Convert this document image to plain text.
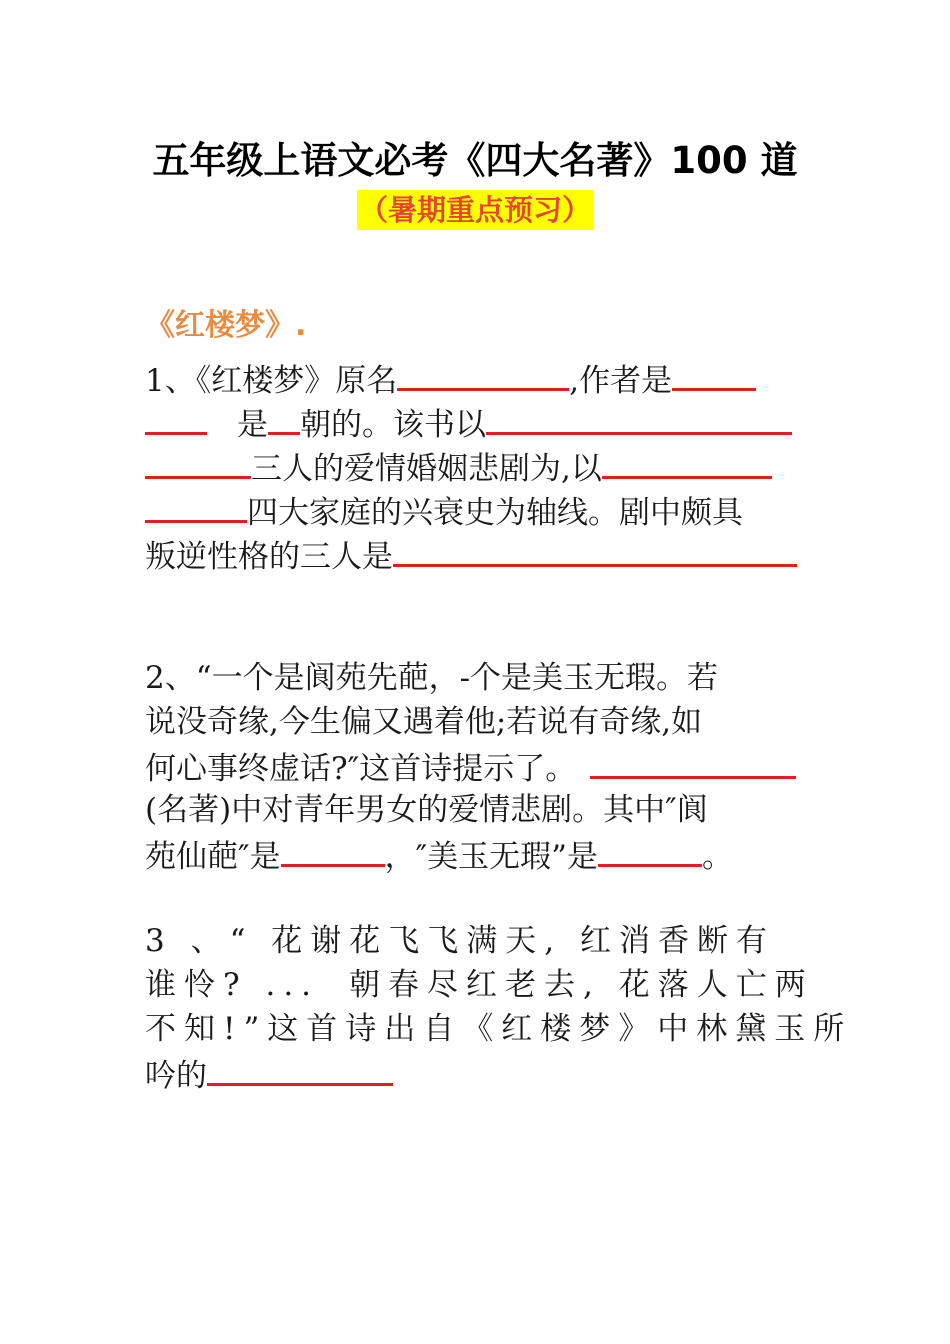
五年级上语文必考《四大名著》100 道
（暑期重点预习）
《红楼梦》.
1、《红楼梦》原名	,作者是
是 朝的。该书以
三人的爱情婚姻悲剧为,以
四大家庭的兴衰史为轴线。剧中颇具
叛逆性格的三人是
2、“一个是阆苑先葩，-个是美玉无瑕。若
说没奇缘,今生偏又遇着他;若说有奇缘,如
何心事终虚话?″这首诗提示了。
(名著)中对青年男女的爱情悲剧。其中″阆
苑仙葩″是	，″美玉无瑕”是	。
3 、“ 花谢花飞飞满天, 红消香断有
谁怜? ... 朝春尽红老去, 花落人亡两
不知!”这首诗出自《红楼梦》中林黛玉所
吟的
